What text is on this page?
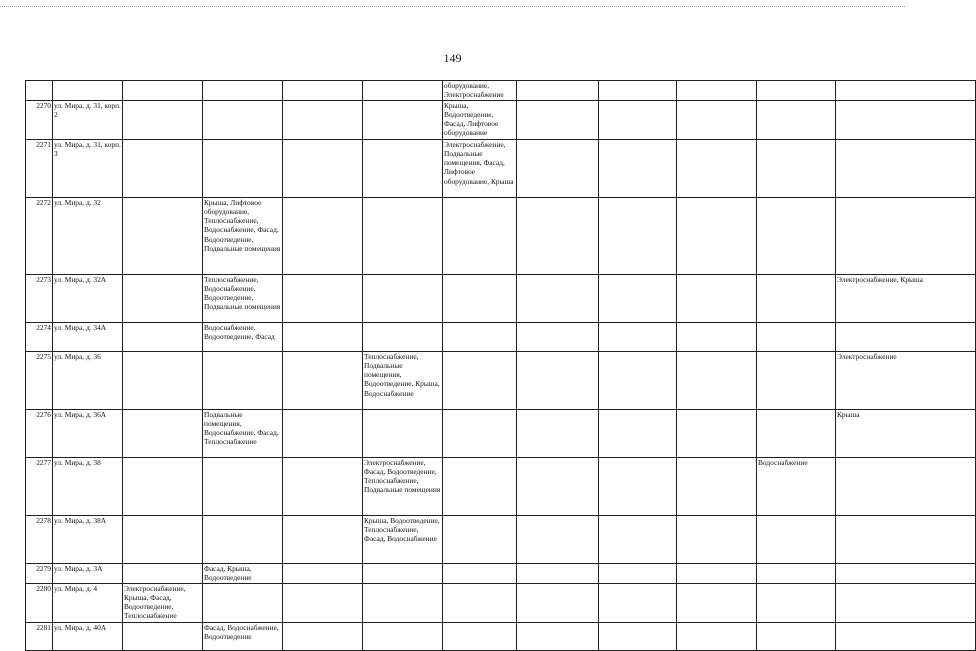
149
						оборудование, Электроснабжение					
2270	ул. Мира, д. 31, корп. 2					Крыша, Водоотведение, Фасад, Лифтовое оборудование					
2271	ул. Мира, д. 31, корп. 3					Электроснабжение, Подвальные помещения, Фасад, Лифтовое оборудование, Крыша					
2272	ул. Мира, д. 32		Крыша, Лифтовое оборудование, Теплоснабжение, Водоснабжение, Фасад, Водоотведение, Подвальные помещения								
2273	ул. Мира, д. 32А		Теплоснабжение, Водоснабжение, Водоотведение, Подвальные помещения								Электроснабжение, Крыша
2274	ул. Мира, д. 34А		Водоснабжение, Водоотведение, Фасад								
2275	ул. Мира, д. 36				Теплоснабжение, Подвальные помещения, Водоотведение, Крыша, Водоснабжение						Электроснабжение
2276	ул. Мира, д. 36А		Подвальные помещения, Водоснабжение, Фасад, Теплоснабжение								Крыша
2277	ул. Мира, д. 38				Электроснабжение, Фасад, Водоотведение, Теплоснабжение, Подвальные помещения					Водоснабжение	
2278	ул. Мира, д. 38А				Крыша, Водоотведение, Теплоснабжение, Фасад, Водоснабжение						
2279	ул. Мира, д. 3А		Фасад, Крыша, Водоотведение								
2280	ул. Мира, д. 4	Электроснабжение, Крыша, Фасад, Водоотведение, Теплоснабжение									
2281	ул. Мира, д. 40А		Фасад, Водоснабжение, Водоотведение								
